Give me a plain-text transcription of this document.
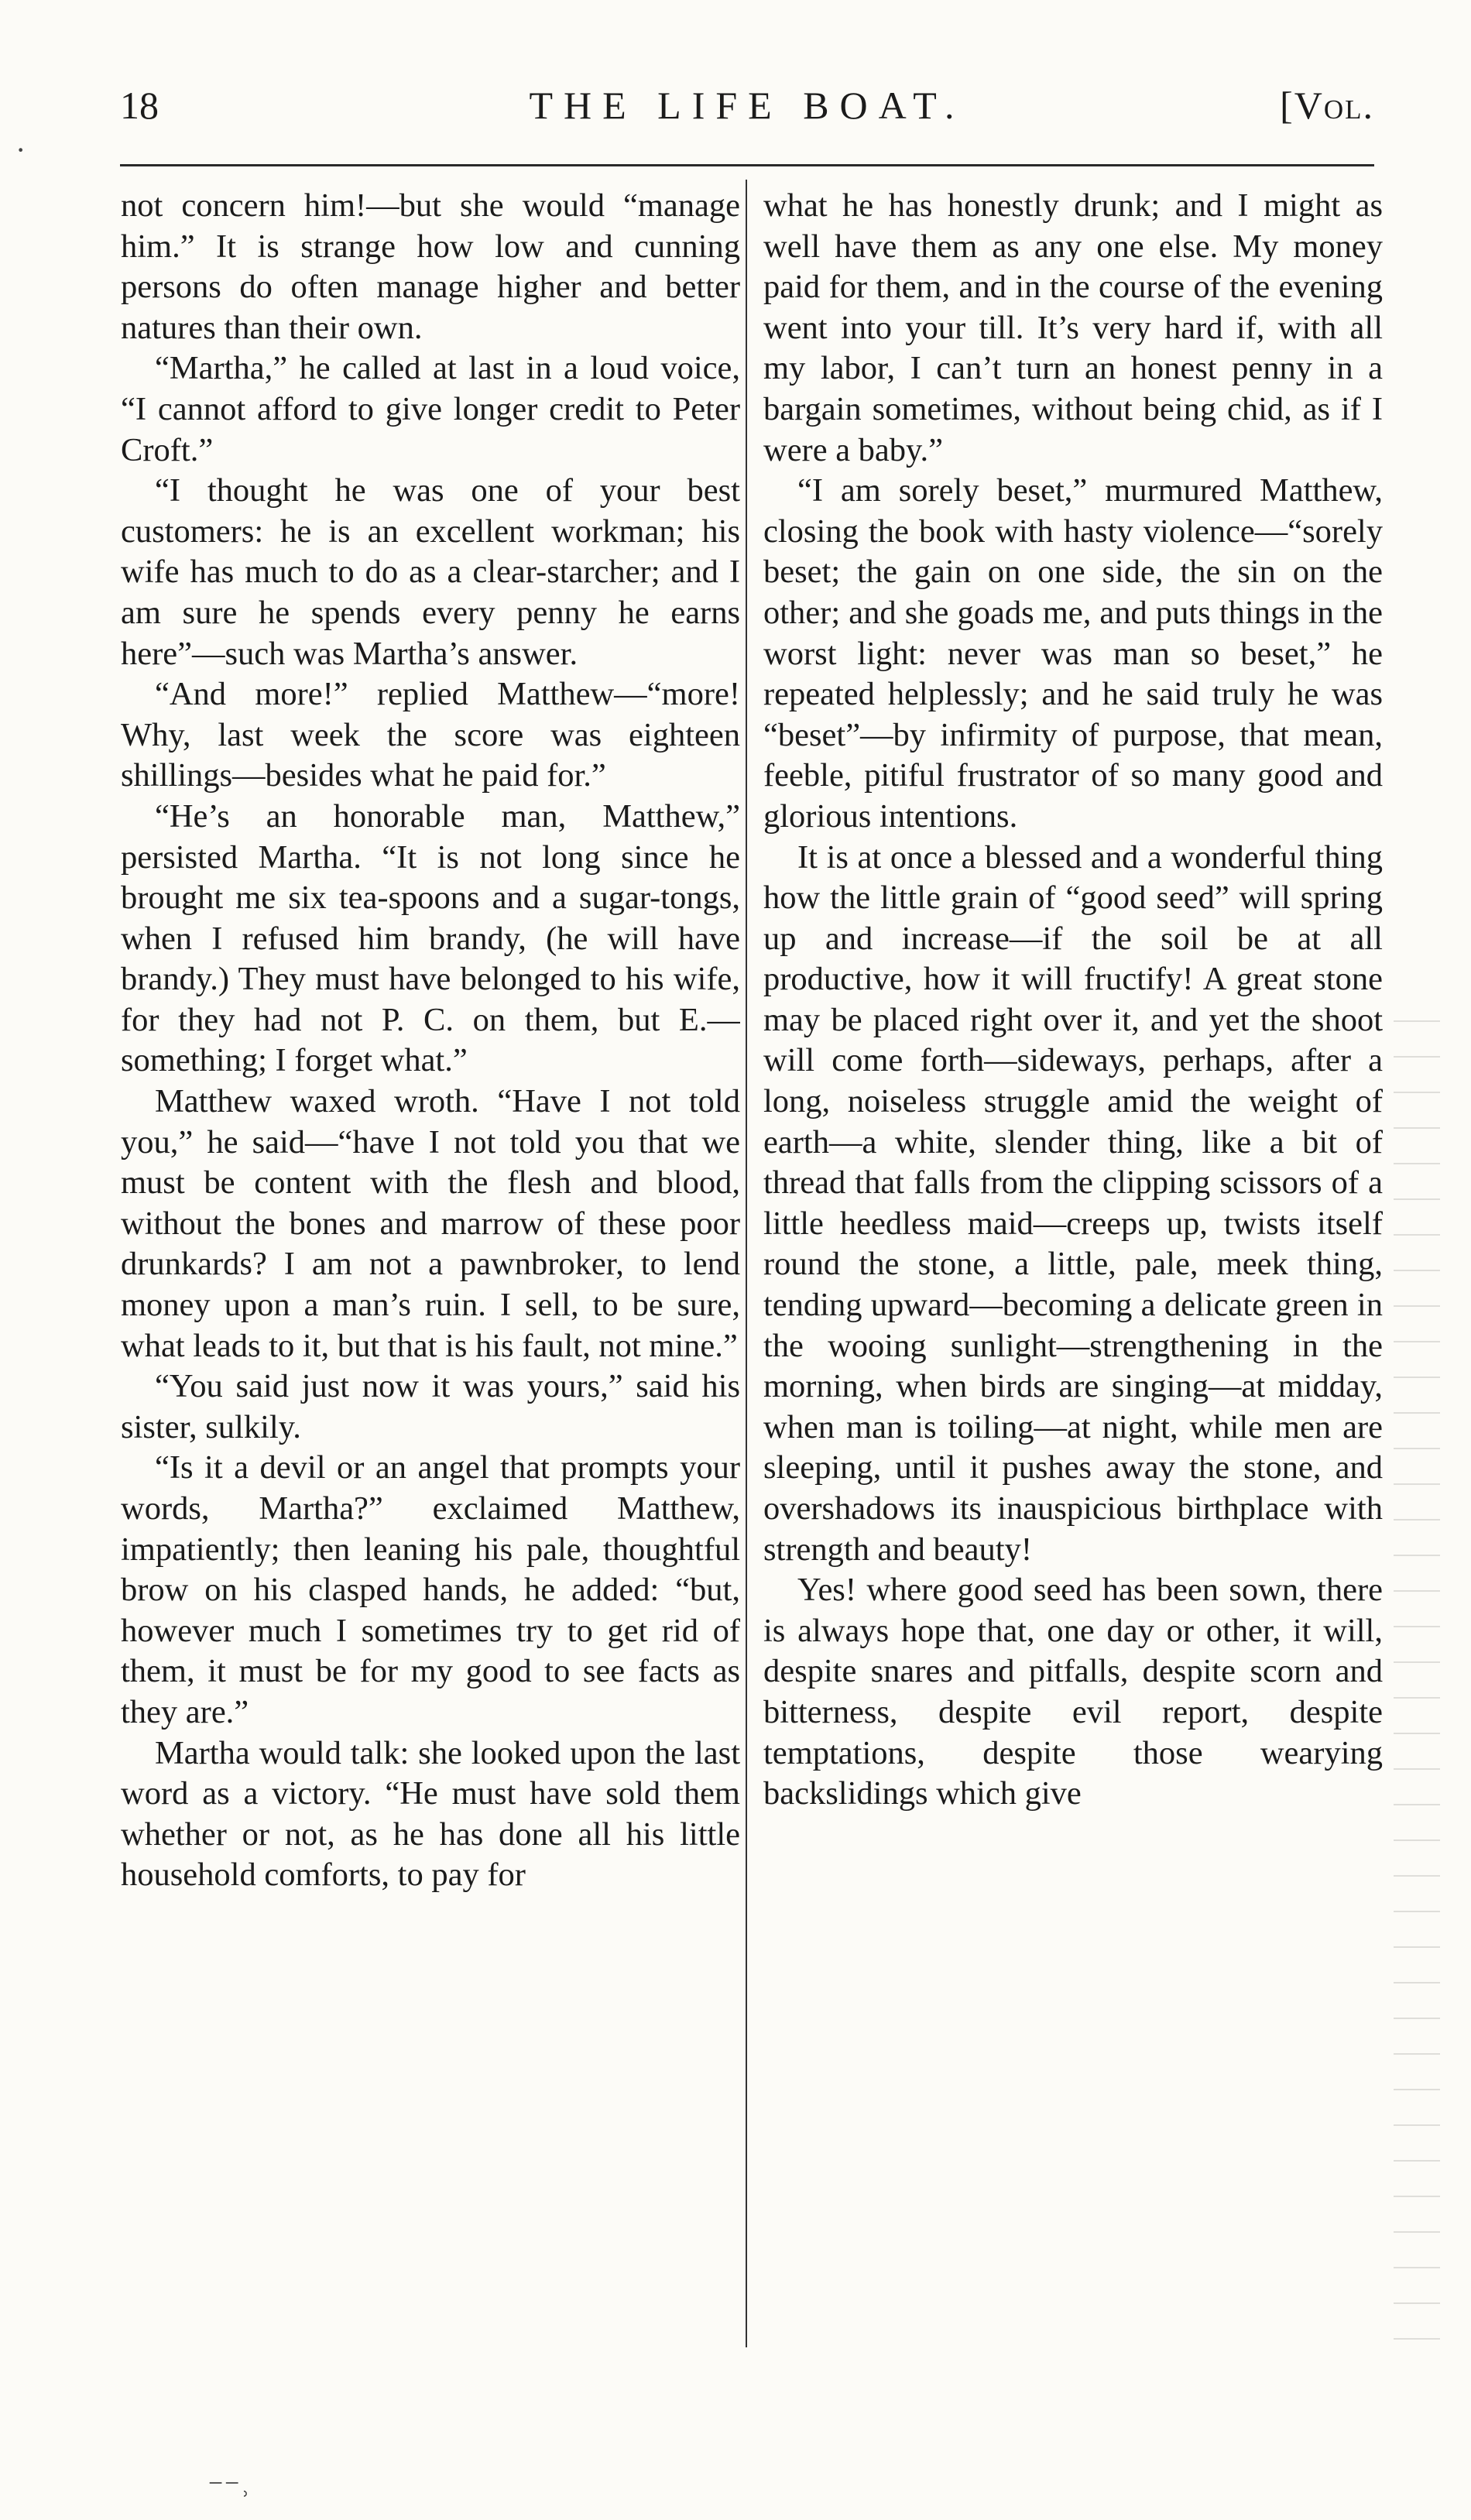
18	THE LIFE BOAT.	[Vol.

not concern him!—but she would “manage him.” It is strange how low and cunning persons do often manage higher and better natures than their own.

“Martha,” he called at last in a loud voice, “I cannot afford to give longer credit to Peter Croft.”

“I thought he was one of your best customers: he is an excellent workman; his wife has much to do as a clear-starcher; and I am sure he spends every penny he earns here”—such was Martha’s answer.

“And more!” replied Matthew—“more! Why, last week the score was eighteen shillings—besides what he paid for.”

“He’s an honorable man, Matthew,” persisted Martha. “It is not long since he brought me six tea-spoons and a sugar-tongs, when I refused him brandy, (he will have brandy.) They must have belonged to his wife, for they had not P. C. on them, but E.—something; I forget what.”

Matthew waxed wroth. “Have I not told you,” he said—“have I not told you that we must be content with the flesh and blood, without the bones and marrow of these poor drunkards? I am not a pawnbroker, to lend money upon a man’s ruin. I sell, to be sure, what leads to it, but that is his fault, not mine.”

“You said just now it was yours,” said his sister, sulkily.

“Is it a devil or an angel that prompts your words, Martha?” exclaimed Matthew, impatiently; then leaning his pale, thoughtful brow on his clasped hands, he added: “but, however much I sometimes try to get rid of them, it must be for my good to see facts as they are.”

Martha would talk: she looked upon the last word as a victory. “He must have sold them whether or not, as he has done all his little household comforts, to pay for

what he has honestly drunk; and I might as well have them as any one else. My money paid for them, and in the course of the evening went into your till. It’s very hard if, with all my labor, I can’t turn an honest penny in a bargain sometimes, without being chid, as if I were a baby.”

“I am sorely beset,” murmured Matthew, closing the book with hasty violence—“sorely beset; the gain on one side, the sin on the other; and she goads me, and puts things in the worst light: never was man so beset,” he repeated helplessly; and he said truly he was “beset”—by infirmity of purpose, that mean, feeble, pitiful frustrator of so many good and glorious intentions.

It is at once a blessed and a wonderful thing how the little grain of “good seed” will spring up and increase—if the soil be at all productive, how it will fructify! A great stone may be placed right over it, and yet the shoot will come forth—sideways, perhaps, after a long, noiseless struggle amid the weight of earth—a white, slender thing, like a bit of thread that falls from the clipping scissors of a little heedless maid—creeps up, twists itself round the stone, a little, pale, meek thing, tending upward—becoming a delicate green in the wooing sunlight—strengthening in the morning, when birds are singing—at midday, when man is toiling—at night, while men are sleeping, until it pushes away the stone, and overshadows its inauspicious birthplace with strength and beauty!

Yes! where good seed has been sown, there is always hope that, one day or other, it will, despite snares and pitfalls, despite scorn and bitterness, despite evil report, despite temptations, despite those wearying backslidings which give

·
⁻⁻˒
